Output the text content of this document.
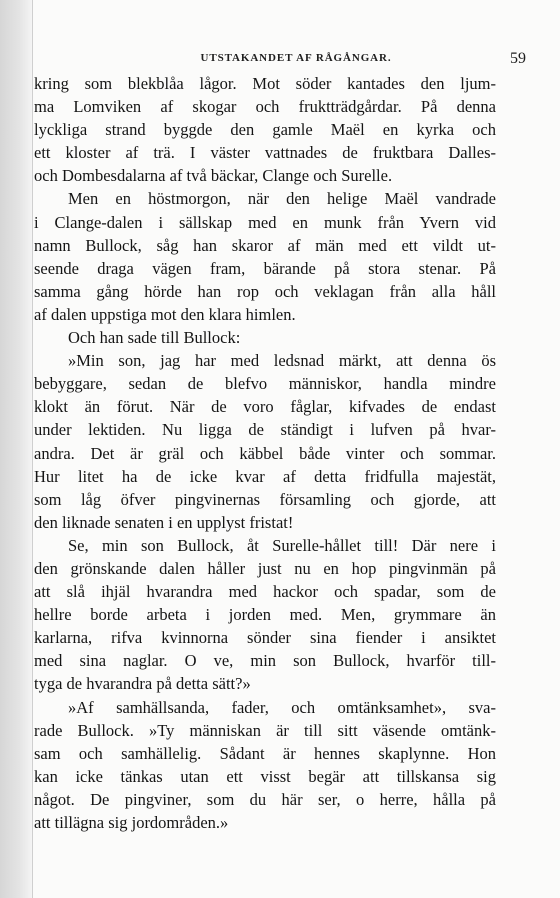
UTSTAKANDET AF RÅGÅNGAR.	59
kring som blekblåa lågor. Mot söder kantades den ljum-
ma Lomviken af skogar och fruktträdgårdar. På denna
lyckliga strand byggde den gamle Maël en kyrka och
ett kloster af trä. I väster vattnades de fruktbara Dalles-
och Dombesdalarna af två bäckar, Clange och Surelle.
Men en höstmorgon, när den helige Maël vandrade
i Clange-dalen i sällskap med en munk från Yvern vid
namn Bullock, såg han skaror af män med ett vildt ut-
seende draga vägen fram, bärande på stora stenar. På
samma gång hörde han rop och veklagan från alla håll
af dalen uppstiga mot den klara himlen.
Och han sade till Bullock:
»Min son, jag har med ledsnad märkt, att denna ös
bebyggare, sedan de blefvo människor, handla mindre
klokt än förut. När de voro fåglar, kifvades de endast
under lektiden. Nu ligga de ständigt i lufven på hvar-
andra. Det är gräl och käbbel både vinter och sommar.
Hur litet ha de icke kvar af detta fridfulla majestät,
som låg öfver pingvinernas församling och gjorde, att
den liknade senaten i en upplyst fristat!
Se, min son Bullock, åt Surelle-hållet till! Där nere i
den grönskande dalen håller just nu en hop pingvinmän på
att slå ihjäl hvarandra med hackor och spadar, som de
hellre borde arbeta i jorden med. Men, grymmare än
karlarna, rifva kvinnorna sönder sina fiender i ansiktet
med sina naglar. O ve, min son Bullock, hvarför till-
tyga de hvarandra på detta sätt?»
»Af samhällsanda, fader, och omtänksamhet», sva-
rade Bullock. »Ty människan är till sitt väsende omtänk-
sam och samhällelig. Sådant är hennes skaplynne. Hon
kan icke tänkas utan ett visst begär att tillskansa sig
något. De pingviner, som du här ser, o herre, hålla på
att tillägna sig jordområden.»
